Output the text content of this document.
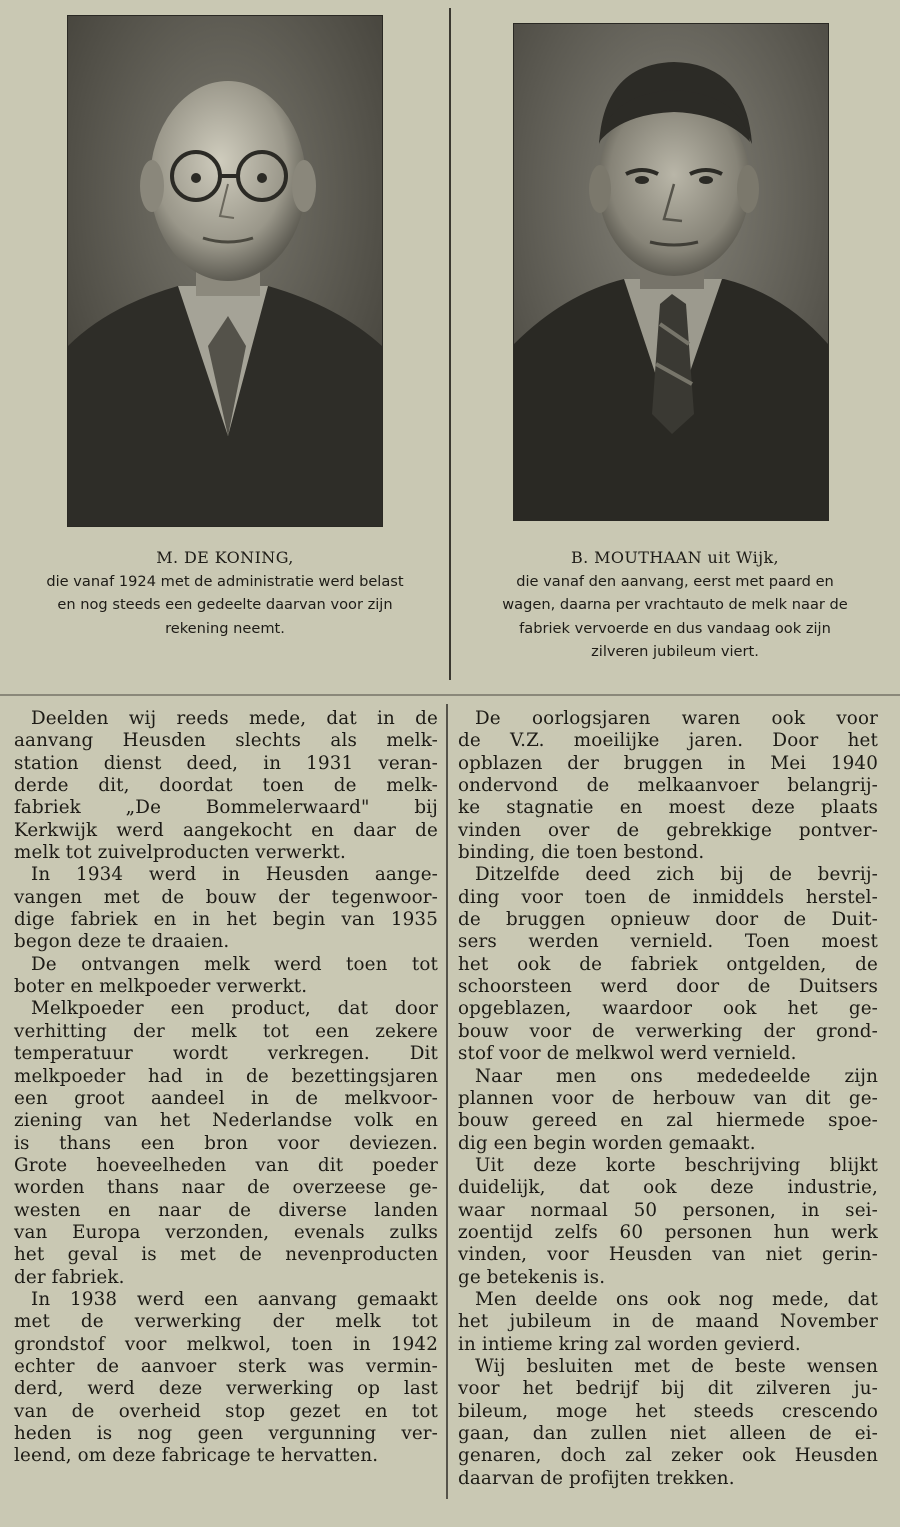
M. DE KONING,
die vanaf 1924 met de administratie werd belast
en nog steeds een gedeelte daarvan voor zijn
rekening neemt.
B. MOUTHAAN uit Wijk,
die vanaf den aanvang, eerst met paard en
wagen, daarna per vrachtauto de melk naar de
fabriek vervoerde en dus vandaag ook zijn
zilveren jubileum viert.
Deelden wij reeds mede, dat in de
aanvang Heusden slechts als melk-
station dienst deed, in 1931 veran-
derde dit, doordat toen de melk-
fabriek „De Bommelerwaard" bij
Kerkwijk werd aangekocht en daar de
melk tot zuivelproducten verwerkt.
In 1934 werd in Heusden aange-
vangen met de bouw der tegenwoor-
dige fabriek en in het begin van 1935
begon deze te draaien.
De ontvangen melk werd toen tot
boter en melkpoeder verwerkt.
Melkpoeder een product, dat door
verhitting der melk tot een zekere
temperatuur wordt verkregen. Dit
melkpoeder had in de bezettingsjaren
een groot aandeel in de melkvoor-
ziening van het Nederlandse volk en
is thans een bron voor deviezen.
Grote hoeveelheden van dit poeder
worden thans naar de overzeese ge-
westen en naar de diverse landen
van Europa verzonden, evenals zulks
het geval is met de nevenproducten
der fabriek.
In 1938 werd een aanvang gemaakt
met de verwerking der melk tot
grondstof voor melkwol, toen in 1942
echter de aanvoer sterk was vermin-
derd, werd deze verwerking op last
van de overheid stop gezet en tot
heden is nog geen vergunning ver-
leend, om deze fabricage te hervatten.
De oorlogsjaren waren ook voor
de V.Z. moeilijke jaren. Door het
opblazen der bruggen in Mei 1940
ondervond de melkaanvoer belangrij-
ke stagnatie en moest deze plaats
vinden over de gebrekkige pontver-
binding, die toen bestond.
Ditzelfde deed zich bij de bevrij-
ding voor toen de inmiddels herstel-
de bruggen opnieuw door de Duit-
sers werden vernield. Toen moest
het ook de fabriek ontgelden, de
schoorsteen werd door de Duitsers
opgeblazen, waardoor ook het ge-
bouw voor de verwerking der grond-
stof voor de melkwol werd vernield.
Naar men ons mededeelde zijn
plannen voor de herbouw van dit ge-
bouw gereed en zal hiermede spoe-
dig een begin worden gemaakt.
Uit deze korte beschrijving blijkt
duidelijk, dat ook deze industrie,
waar normaal 50 personen, in sei-
zoentijd zelfs 60 personen hun werk
vinden, voor Heusden van niet gerin-
ge betekenis is.
Men deelde ons ook nog mede, dat
het jubileum in de maand November
in intieme kring zal worden gevierd.
Wij besluiten met de beste wensen
voor het bedrijf bij dit zilveren ju-
bileum, moge het steeds crescendo
gaan, dan zullen niet alleen de ei-
genaren, doch zal zeker ook Heusden
daarvan de profijten trekken.
